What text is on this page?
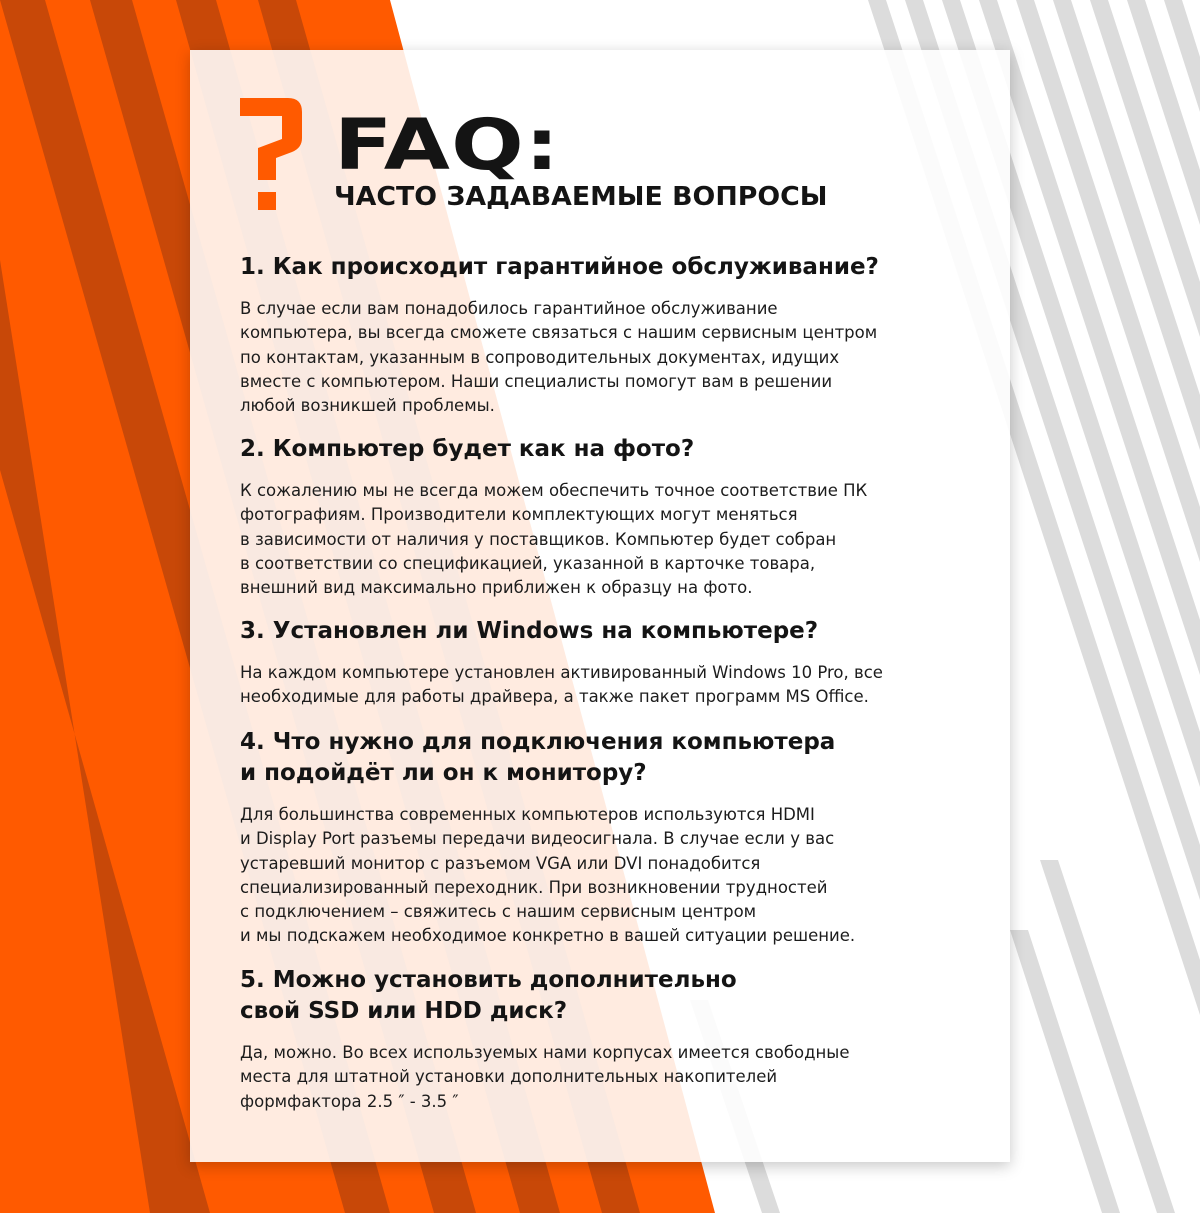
FAQ:
ЧАСТО ЗАДАВАЕМЫЕ ВОПРОСЫ
1. Как происходит гарантийное обслуживание?

В случае если вам понадобилось гарантийное обслуживание
компьютера, вы всегда сможете связаться с нашим сервисным центром
по контактам, указанным в сопроводительных документах, идущих
вместе с компьютером. Наши специалисты помогут вам в решении
любой возникшей проблемы.

2. Компьютер будет как на фото?

К сожалению мы не всегда можем обеспечить точное соответствие ПК
фотографиям. Производители комплектующих могут меняться
в зависимости от наличия у поставщиков. Компьютер будет собран
в соответствии со спецификацией, указанной в карточке товара,
внешний вид максимально приближен к образцу на фото.

3. Установлен ли Windows на компьютере?

На каждом компьютере установлен активированный Windows 10 Pro, все
необходимые для работы драйвера, а также пакет программ MS Office.

4. Что нужно для подключения компьютера
и подойдёт ли он к монитору?

Для большинства современных компьютеров используются HDMI
и Display Port разъемы передачи видеосигнала. В случае если у вас
устаревший монитор с разъемом VGA или DVI понадобится
специализированный переходник. При возникновении трудностей
с подключением – свяжитесь с нашим сервисным центром
и мы подскажем необходимое конкретно в вашей ситуации решение.

5. Можно установить дополнительно
свой SSD или HDD диск?

Да, можно. Во всех используемых нами корпусах имеется свободные
места для штатной установки дополнительных накопителей
формфактора 2.5 ″ - 3.5 ″
